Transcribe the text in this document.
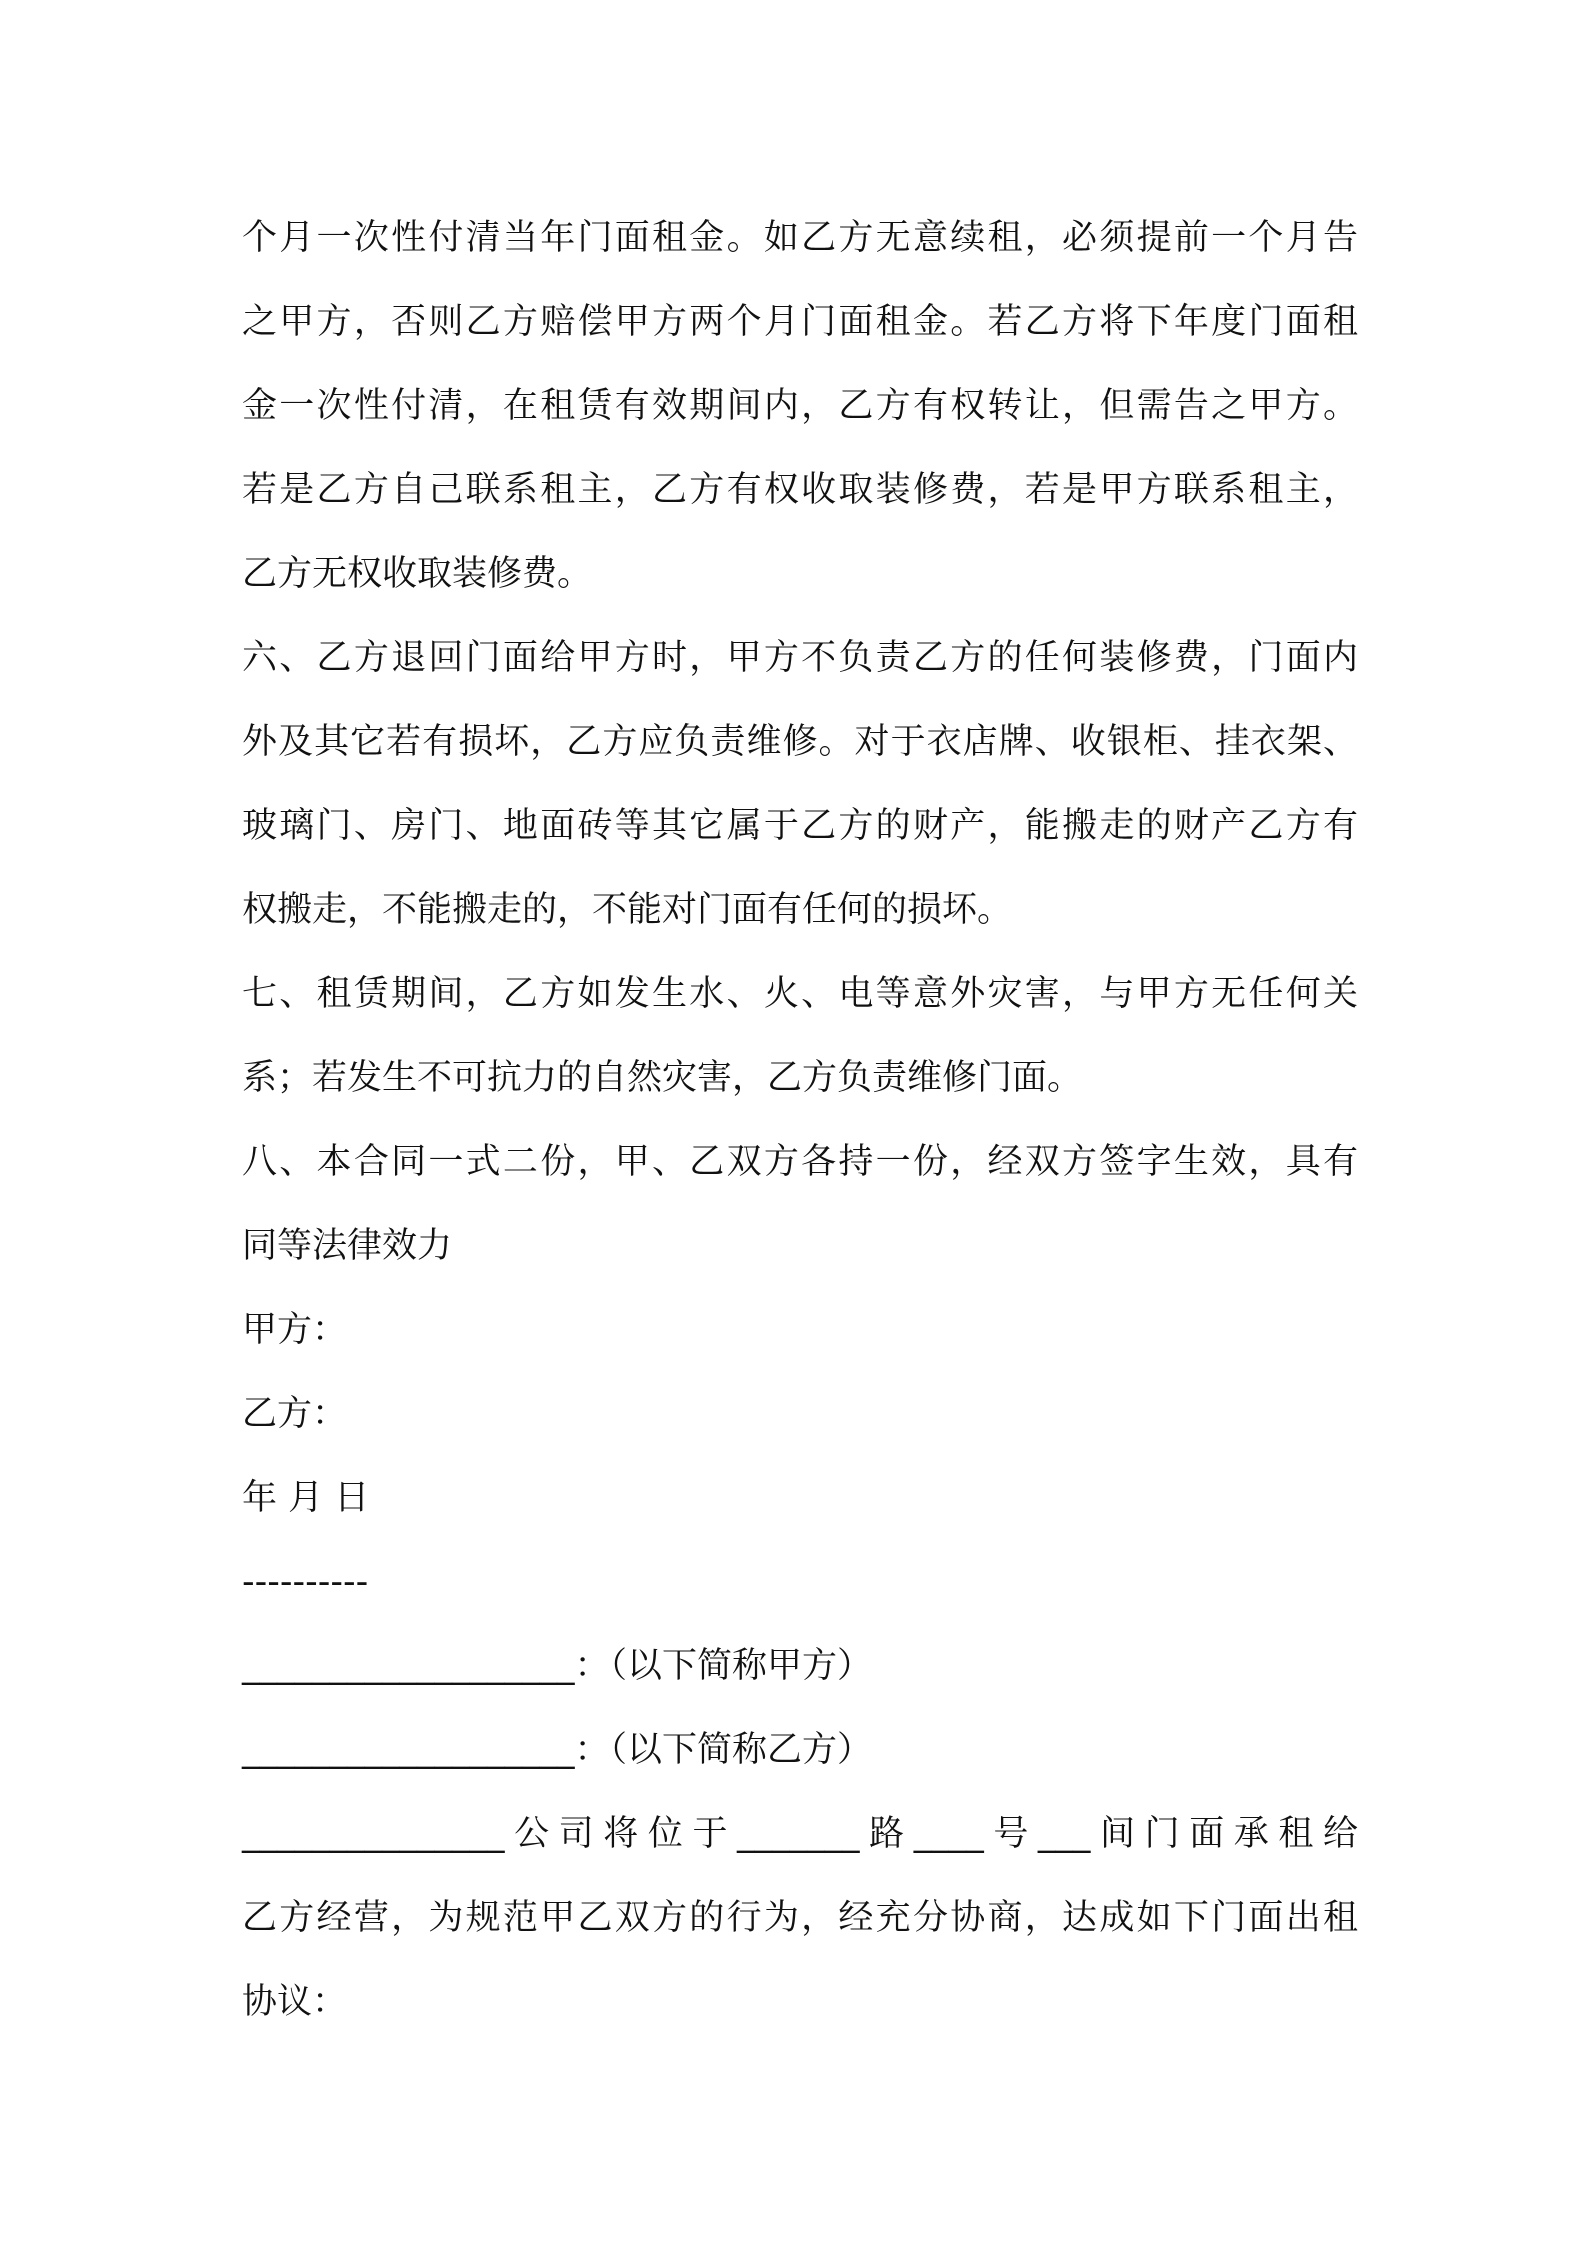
个月一次性付清当年门面租金。如乙方无意续租，必须提前一个月告
之甲方，否则乙方赔偿甲方两个月门面租金。若乙方将下年度门面租
金一次性付清，在租赁有效期间内，乙方有权转让，但需告之甲方。
若是乙方自己联系租主，乙方有权收取装修费，若是甲方联系租主，
乙方无权收取装修费。
六、乙方退回门面给甲方时，甲方不负责乙方的任何装修费，门面内
外及其它若有损坏，乙方应负责维修。对于衣店牌、收银柜、挂衣架、
玻璃门、房门、地面砖等其它属于乙方的财产，能搬走的财产乙方有
权搬走，不能搬走的，不能对门面有任何的损坏。
七、租赁期间，乙方如发生水、火、电等意外灾害，与甲方无任何关
系；若发生不可抗力的自然灾害，乙方负责维修门面。
八、本合同一式二份，甲、乙双方各持一份，经双方签字生效，具有
同等法律效力
甲方：
乙方：
年 月 日
----------
___________________：（以下简称甲方）
___________________：（以下简称乙方）
_______________公司将位于_______路____号___间门面承租给
乙方经营，为规范甲乙双方的行为，经充分协商，达成如下门面出租
协议：
